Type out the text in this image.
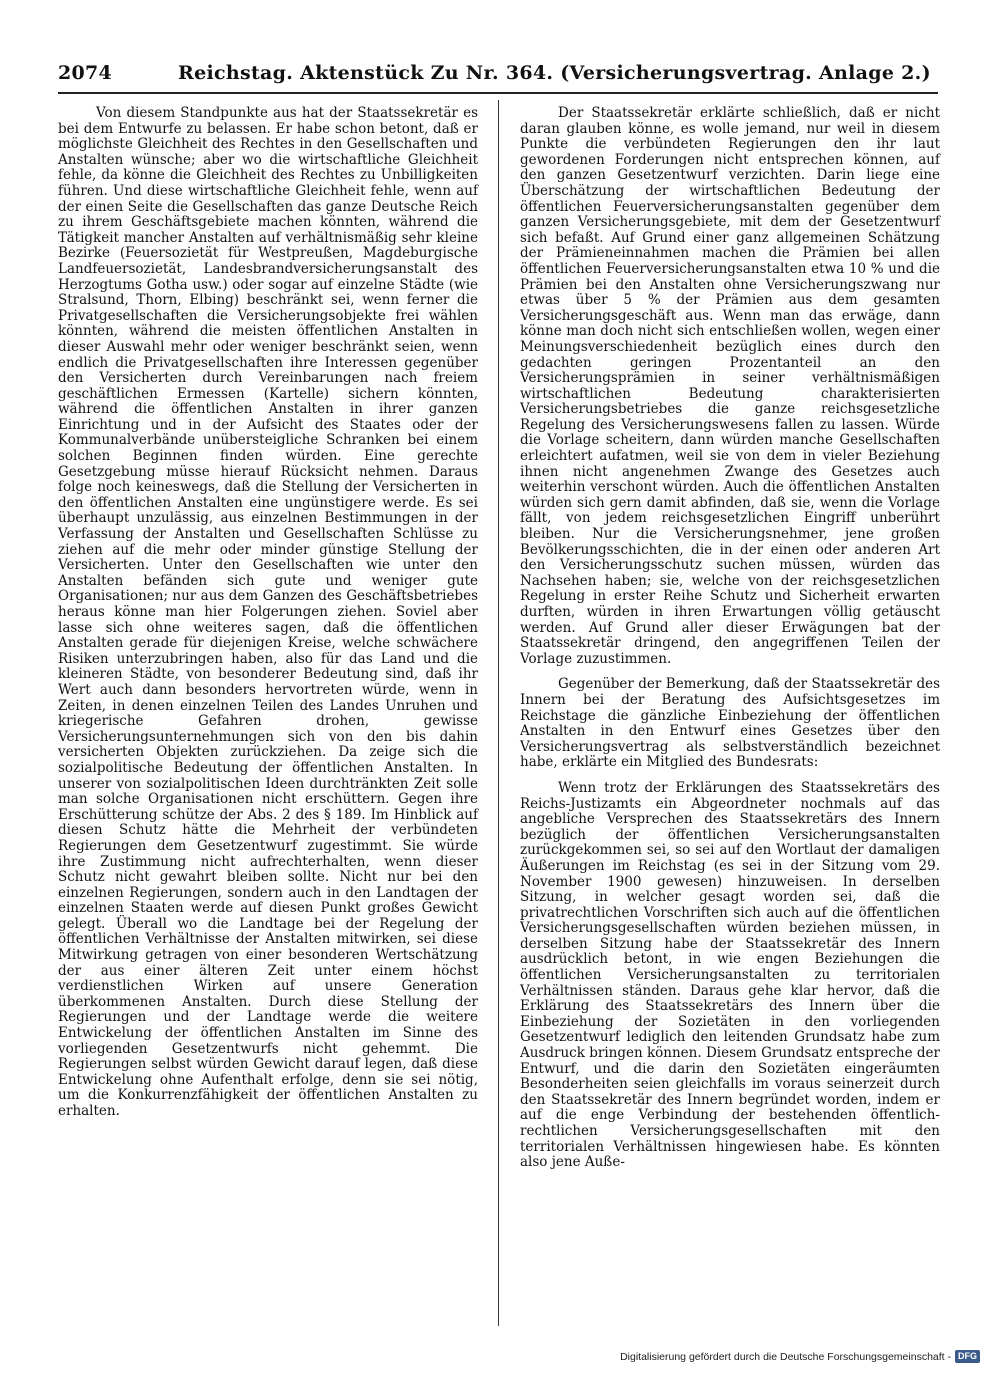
2074	Reichstag. Aktenstück Zu Nr. 364. (Versicherungsvertrag. Anlage 2.)

Von diesem Standpunkte aus hat der Staatssekretär es bei dem Entwurfe zu belassen. Er habe schon betont, daß er möglichste Gleichheit des Rechtes in den Gesellschaften und Anstalten wünsche; aber wo die wirtschaftliche Gleichheit fehle, da könne die Gleichheit des Rechtes zu Unbilligkeiten führen. Und diese wirtschaftliche Gleichheit fehle, wenn auf der einen Seite die Gesellschaften das ganze Deutsche Reich zu ihrem Geschäftsgebiete machen könnten, während die Tätigkeit mancher Anstalten auf verhältnismäßig sehr kleine Bezirke (Feuersozietät für Westpreußen, Magdeburgische Landfeuersozietät, Landesbrandversicherungsanstalt des Herzogtums Gotha usw.) oder sogar auf einzelne Städte (wie Stralsund, Thorn, Elbing) beschränkt sei, wenn ferner die Privatgesellschaften die Versicherungsobjekte frei wählen könnten, während die meisten öffentlichen Anstalten in dieser Auswahl mehr oder weniger beschränkt seien, wenn endlich die Privatgesellschaften ihre Interessen gegenüber den Versicherten durch Vereinbarungen nach freiem geschäftlichen Ermessen (Kartelle) sichern könnten, während die öffentlichen Anstalten in ihrer ganzen Einrichtung und in der Aufsicht des Staates oder der Kommunalverbände unübersteigliche Schranken bei einem solchen Beginnen finden würden. Eine gerechte Gesetzgebung müsse hierauf Rücksicht nehmen. Daraus folge noch keineswegs, daß die Stellung der Versicherten in den öffentlichen Anstalten eine ungünstigere werde. Es sei überhaupt unzulässig, aus einzelnen Bestimmungen in der Verfassung der Anstalten und Gesellschaften Schlüsse zu ziehen auf die mehr oder minder günstige Stellung der Versicherten. Unter den Gesellschaften wie unter den Anstalten befänden sich gute und weniger gute Organisationen; nur aus dem Ganzen des Geschäftsbetriebes heraus könne man hier Folgerungen ziehen. Soviel aber lasse sich ohne weiteres sagen, daß die öffentlichen Anstalten gerade für diejenigen Kreise, welche schwächere Risiken unterzubringen haben, also für das Land und die kleineren Städte, von besonderer Bedeutung sind, daß ihr Wert auch dann besonders hervortreten würde, wenn in Zeiten, in denen einzelnen Teilen des Landes Unruhen und kriegerische Gefahren drohen, gewisse Versicherungsunternehmungen sich von den bis dahin versicherten Objekten zurückziehen. Da zeige sich die sozialpolitische Bedeutung der öffentlichen Anstalten. In unserer von sozialpolitischen Ideen durchtränkten Zeit solle man solche Organisationen nicht erschüttern. Gegen ihre Erschütterung schütze der Abs. 2 des § 189. Im Hinblick auf diesen Schutz hätte die Mehrheit der verbündeten Regierungen dem Gesetzentwurf zugestimmt. Sie würde ihre Zustimmung nicht aufrechterhalten, wenn dieser Schutz nicht gewahrt bleiben sollte. Nicht nur bei den einzelnen Regierungen, sondern auch in den Landtagen der einzelnen Staaten werde auf diesen Punkt großes Gewicht gelegt. Überall wo die Landtage bei der Regelung der öffentlichen Verhältnisse der Anstalten mitwirken, sei diese Mitwirkung getragen von einer besonderen Wertschätzung der aus einer älteren Zeit unter einem höchst verdienstlichen Wirken auf unsere Generation überkommenen Anstalten. Durch diese Stellung der Regierungen und der Landtage werde die weitere Entwickelung der öffentlichen Anstalten im Sinne des vorliegenden Gesetzentwurfs nicht gehemmt. Die Regierungen selbst würden Gewicht darauf legen, daß diese Entwickelung ohne Aufenthalt erfolge, denn sie sei nötig, um die Konkurrenzfähigkeit der öffentlichen Anstalten zu erhalten.

Der Staatssekretär erklärte schließlich, daß er nicht daran glauben könne, es wolle jemand, nur weil in diesem Punkte die verbündeten Regierungen den ihr laut gewordenen Forderungen nicht entsprechen können, auf den ganzen Gesetzentwurf verzichten. Darin liege eine Überschätzung der wirtschaftlichen Bedeutung der öffentlichen Feuerversicherungsanstalten gegenüber dem ganzen Versicherungsgebiete, mit dem der Gesetzentwurf sich befaßt. Auf Grund einer ganz allgemeinen Schätzung der Prämieneinnahmen machen die Prämien bei allen öffentlichen Feuerversicherungsanstalten etwa 10 % und die Prämien bei den Anstalten ohne Versicherungszwang nur etwas über 5 % der Prämien aus dem gesamten Versicherungsgeschäft aus. Wenn man das erwäge, dann könne man doch nicht sich entschließen wollen, wegen einer Meinungsverschiedenheit bezüglich eines durch den gedachten geringen Prozentanteil an den Versicherungsprämien in seiner verhältnismäßigen wirtschaftlichen Bedeutung charakterisierten Versicherungsbetriebes die ganze reichsgesetzliche Regelung des Versicherungswesens fallen zu lassen. Würde die Vorlage scheitern, dann würden manche Gesellschaften erleichtert aufatmen, weil sie von dem in vieler Beziehung ihnen nicht angenehmen Zwange des Gesetzes auch weiterhin verschont würden. Auch die öffentlichen Anstalten würden sich gern damit abfinden, daß sie, wenn die Vorlage fällt, von jedem reichsgesetzlichen Eingriff unberührt bleiben. Nur die Versicherungsnehmer, jene großen Bevölkerungsschichten, die in der einen oder anderen Art den Versicherungsschutz suchen müssen, würden das Nachsehen haben; sie, welche von der reichsgesetzlichen Regelung in erster Reihe Schutz und Sicherheit erwarten durften, würden in ihren Erwartungen völlig getäuscht werden. Auf Grund aller dieser Erwägungen bat der Staatssekretär dringend, den angegriffenen Teilen der Vorlage zuzustimmen.

Gegenüber der Bemerkung, daß der Staatssekretär des Innern bei der Beratung des Aufsichtsgesetzes im Reichstage die gänzliche Einbeziehung der öffentlichen Anstalten in den Entwurf eines Gesetzes über den Versicherungsvertrag als selbstverständlich bezeichnet habe, erklärte ein Mitglied des Bundesrats:

Wenn trotz der Erklärungen des Staatssekretärs des Reichs-Justizamts ein Abgeordneter nochmals auf das angebliche Versprechen des Staatssekretärs des Innern bezüglich der öffentlichen Versicherungsanstalten zurückgekommen sei, so sei auf den Wortlaut der damaligen Äußerungen im Reichstag (es sei in der Sitzung vom 29. November 1900 gewesen) hinzuweisen. In derselben Sitzung, in welcher gesagt worden sei, daß die privatrechtlichen Vorschriften sich auch auf die öffentlichen Versicherungsgesellschaften würden beziehen müssen, in derselben Sitzung habe der Staatssekretär des Innern ausdrücklich betont, in wie engen Beziehungen die öffentlichen Versicherungsanstalten zu territorialen Verhältnissen ständen. Daraus gehe klar hervor, daß die Erklärung des Staatssekretärs des Innern über die Einbeziehung der Sozietäten in den vorliegenden Gesetzentwurf lediglich den leitenden Grundsatz habe zum Ausdruck bringen können. Diesem Grundsatz entspreche der Entwurf, und die darin den Sozietäten eingeräumten Besonderheiten seien gleichfalls im voraus seinerzeit durch den Staatssekretär des Innern begründet worden, indem er auf die enge Verbindung der bestehenden öffentlich-rechtlichen Versicherungsgesellschaften mit den territorialen Verhältnissen hingewiesen habe. Es könnten also jene Auße-

Digitalisierung gefördert durch die Deutsche Forschungsgemeinschaft - DFG
